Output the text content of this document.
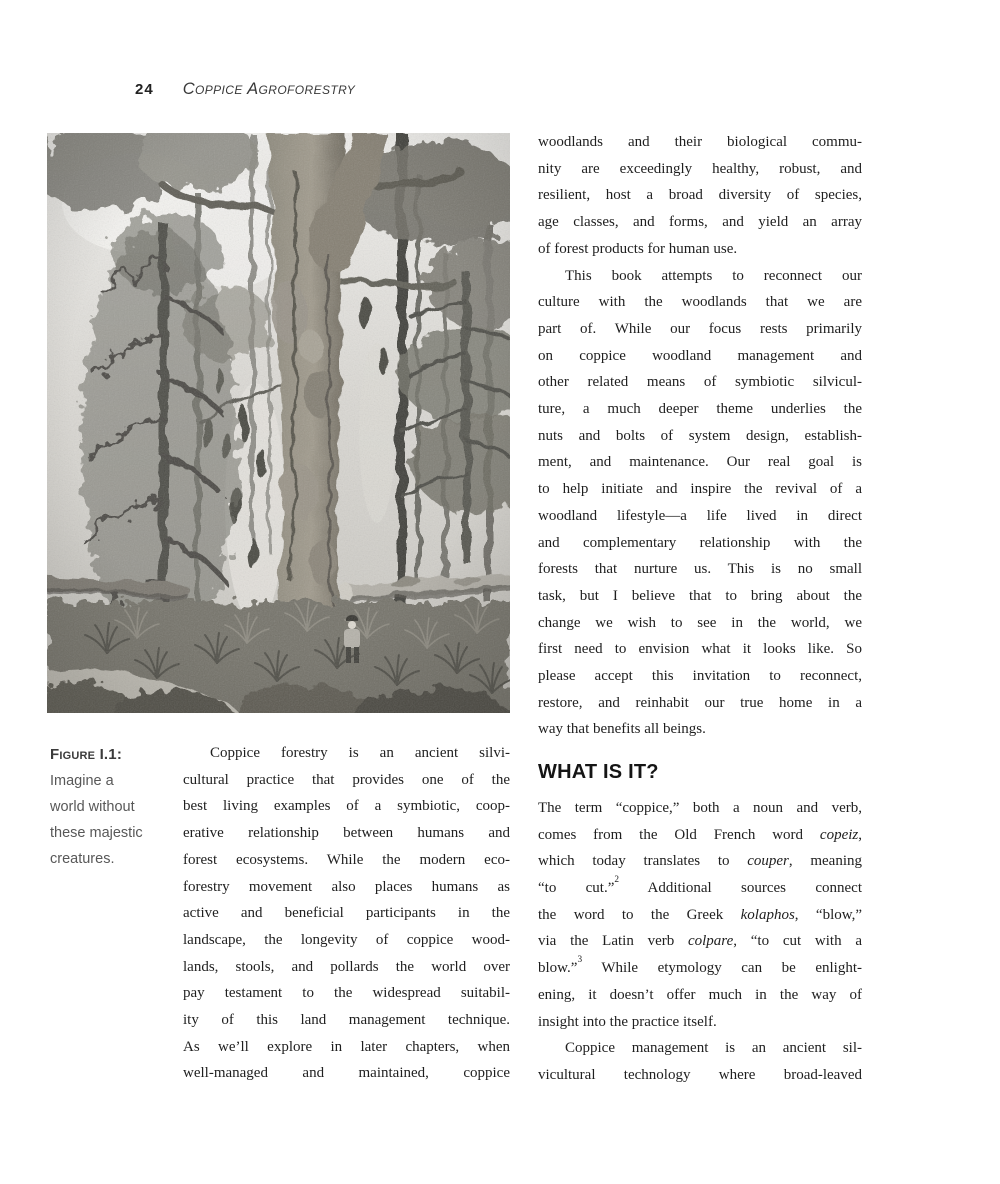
24 Coppice Agroforestry
Figure I.1:
Imagine a
world without
these majestic
creatures.
Coppice forestry is an ancient silvi-
cultural practice that provides one of the
best living examples of a symbiotic, coop-
erative relationship between humans and
forest ecosystems. While the modern eco-
forestry movement also places humans as
active and beneficial participants in the
landscape, the longevity of coppice wood-
lands, stools, and pollards the world over
pay testament to the widespread suitabil-
ity of this land management technique.
As we’ll explore in later chapters, when
well-managed and maintained, coppice
woodlands and their biological commu-
nity are exceedingly healthy, robust, and
resilient, host a broad diversity of species,
age classes, and forms, and yield an array
of forest products for human use.
This book attempts to reconnect our
culture with the woodlands that we are
part of. While our focus rests primarily
on coppice woodland management and
other related means of symbiotic silvicul-
ture, a much deeper theme underlies the
nuts and bolts of system design, establish-
ment, and maintenance. Our real goal is
to help initiate and inspire the revival of a
woodland lifestyle—a life lived in direct
and complementary relationship with the
forests that nurture us. This is no small
task, but I believe that to bring about the
change we wish to see in the world, we
first need to envision what it looks like. So
please accept this invitation to reconnect,
restore, and reinhabit our true home in a
way that benefits all beings.
WHAT IS IT?
The term “coppice,” both a noun and verb,
comes from the Old French word copeiz,
which today translates to couper, meaning
“to cut.”$^2$ Additional sources connect
the word to the Greek kolaphos, “blow,”
via the Latin verb colpare, “to cut with a
blow.”$^3$ While etymology can be enlight-
ening, it doesn’t offer much in the way of
insight into the practice itself.
Coppice management is an ancient sil-
vicultural technology where broad-leaved
